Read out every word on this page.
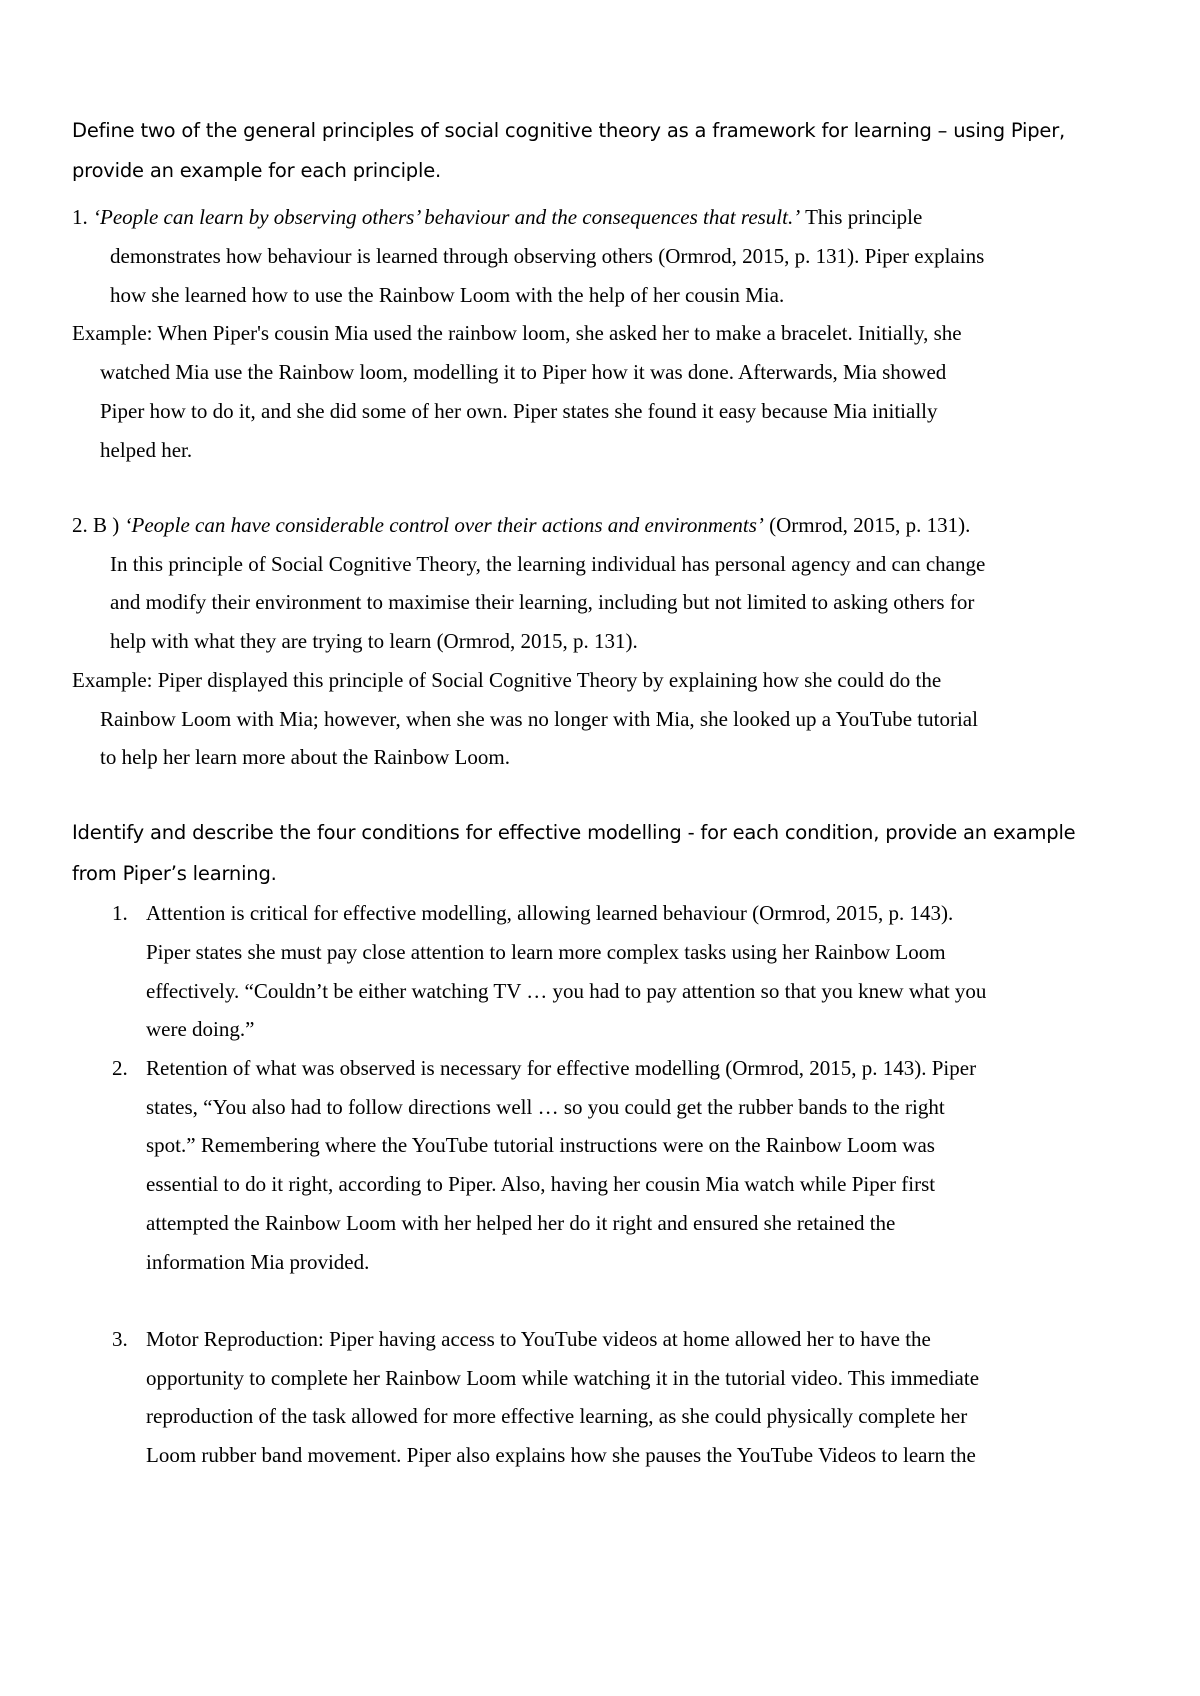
Define two of the general principles of social cognitive theory as a framework for learning – using Piper,

provide an example for each principle.

1. ‘People can learn by observing others’ behaviour and the consequences that result.’ This principle

demonstrates how behaviour is learned through observing others (Ormrod, 2015, p. 131). Piper explains

how she learned how to use the Rainbow Loom with the help of her cousin Mia.

Example: When Piper's cousin Mia used the rainbow loom, she asked her to make a bracelet. Initially, she

watched Mia use the Rainbow loom, modelling it to Piper how it was done. Afterwards, Mia showed

Piper how to do it, and she did some of her own. Piper states she found it easy because Mia initially

helped her.

2. B ) ‘People can have considerable control over their actions and environments’ (Ormrod, 2015, p. 131).

In this principle of Social Cognitive Theory, the learning individual has personal agency and can change

and modify their environment to maximise their learning, including but not limited to asking others for

help with what they are trying to learn (Ormrod, 2015, p. 131).

Example: Piper displayed this principle of Social Cognitive Theory by explaining how she could do the

Rainbow Loom with Mia; however, when she was no longer with Mia, she looked up a YouTube tutorial

to help her learn more about the Rainbow Loom.

Identify and describe the four conditions for effective modelling - for each condition, provide an example

from Piper’s learning.

1. Attention is critical for effective modelling, allowing learned behaviour (Ormrod, 2015, p. 143).

Piper states she must pay close attention to learn more complex tasks using her Rainbow Loom

effectively. “Couldn’t be either watching TV … you had to pay attention so that you knew what you

were doing.”

2. Retention of what was observed is necessary for effective modelling (Ormrod, 2015, p. 143). Piper

states, “You also had to follow directions well … so you could get the rubber bands to the right

spot.” Remembering where the YouTube tutorial instructions were on the Rainbow Loom was

essential to do it right, according to Piper. Also, having her cousin Mia watch while Piper first

attempted the Rainbow Loom with her helped her do it right and ensured she retained the

information Mia provided.

3. Motor Reproduction: Piper having access to YouTube videos at home allowed her to have the

opportunity to complete her Rainbow Loom while watching it in the tutorial video. This immediate

reproduction of the task allowed for more effective learning, as she could physically complete her

Loom rubber band movement. Piper also explains how she pauses the YouTube Videos to learn the
